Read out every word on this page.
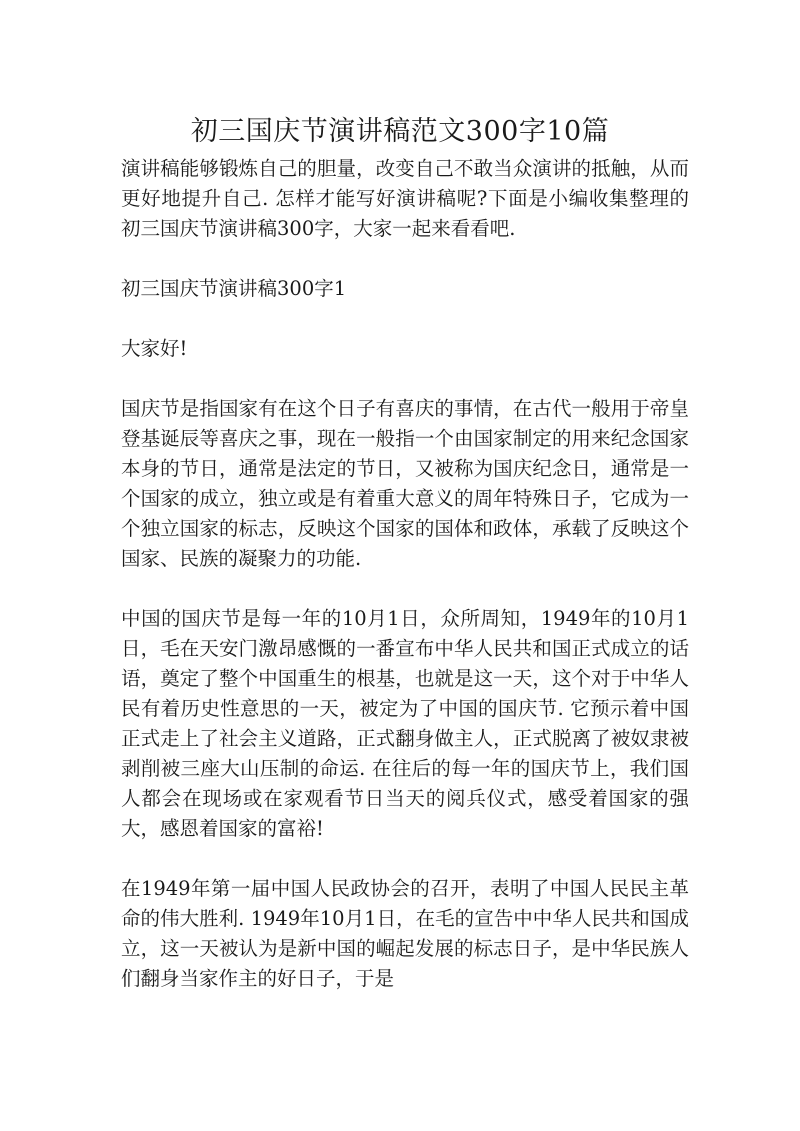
初三国庆节演讲稿范文300字10篇

演讲稿能够锻炼自己的胆量，改变自己不敢当众演讲的抵触，从而更好地提升自己. 怎样才能写好演讲稿呢?下面是小编收集整理的初三国庆节演讲稿300字，大家一起来看看吧.

初三国庆节演讲稿300字1

大家好!

国庆节是指国家有在这个日子有喜庆的事情，在古代一般用于帝皇登基诞辰等喜庆之事，现在一般指一个由国家制定的用来纪念国家本身的节日，通常是法定的节日，又被称为国庆纪念日，通常是一个国家的成立，独立或是有着重大意义的周年特殊日子，它成为一个独立国家的标志，反映这个国家的国体和政体，承载了反映这个国家、民族的凝聚力的功能.

中国的国庆节是每一年的10月1日，众所周知，1949年的10月1日，毛在天安门激昂感慨的一番宣布中华人民共和国正式成立的话语，奠定了整个中国重生的根基，也就是这一天，这个对于中华人民有着历史性意思的一天，被定为了中国的国庆节. 它预示着中国正式走上了社会主义道路，正式翻身做主人，正式脱离了被奴隶被剥削被三座大山压制的命运. 在往后的每一年的国庆节上，我们国人都会在现场或在家观看节日当天的阅兵仪式，感受着国家的强大，感恩着国家的富裕!

在1949年第一届中国人民政协会的召开，表明了中国人民民主革命的伟大胜利. 1949年10月1日，在毛的宣告中中华人民共和国成立，这一天被认为是新中国的崛起发展的标志日子，是中华民族人们翻身当家作主的好日子，于是
